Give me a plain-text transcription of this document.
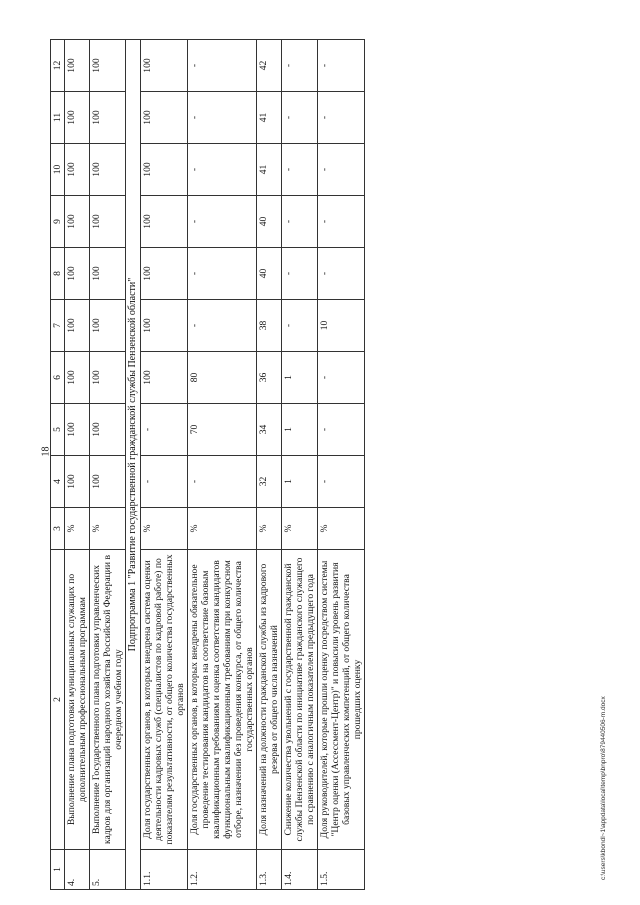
18
1	2	3	4	5	6	7	8	9	10	11	12
4.	Выполнение плана подготовки муниципальных служащих по дополнительным профессиональным программам	%	100	100	100	100	100	100	100	100	100
5.	Выполнение Государственного плана подготовки управленческих кадров для организаций народного хозяйства Российской Федерации в очередном учебном году	%	100	100	100	100	100	100	100	100	100
Подпрограмма 1 "Развитие государственной гражданской службы Пензенской области"											
1.1.	Доля государственных органов, в которых внедрена система оценки деятельности кадровых служб (специалистов по кадровой работе) по показателям результативности, от общего количества государственных органов	%	-	-	100	100	100	100	100	100	100
1.2.	Доля государственных органов, в которых внедрены обязательное проведение тестирования кандидатов на соответствие базовым квалификационным требованиям и оценка соответствия кандидатов функциональным квалификационным требованиям при конкурсном отборе, назначении без проведения конкурса, от общего количества государственных органов	%	-	70	80	-	-	-	-	-	-
1.3.	Доля назначений на должности гражданской службы из кадрового резерва от общего числа назначений	%	32	34	36	38	40	40	41	41	42
1.4.	Снижение количества увольнений с государственной гражданской службы Пензенской области по инициативе гражданского служащего по сравнению с аналогичным показателем предыдущего года	%	1	1	1	-	-	-	-	-	-
1.5.	Доля руководителей, которые прошли оценку посредством системы "Центр оценки (Ассессмент-Центр)" и повысили уровень развития базовых управленческих компетенций, от общего количества прошедших оценку	%	-	-	-	10	-	-	-	-	-
c:\users\kbondl~1\appdata\local\temp\bnpro\879440506-m.docx
